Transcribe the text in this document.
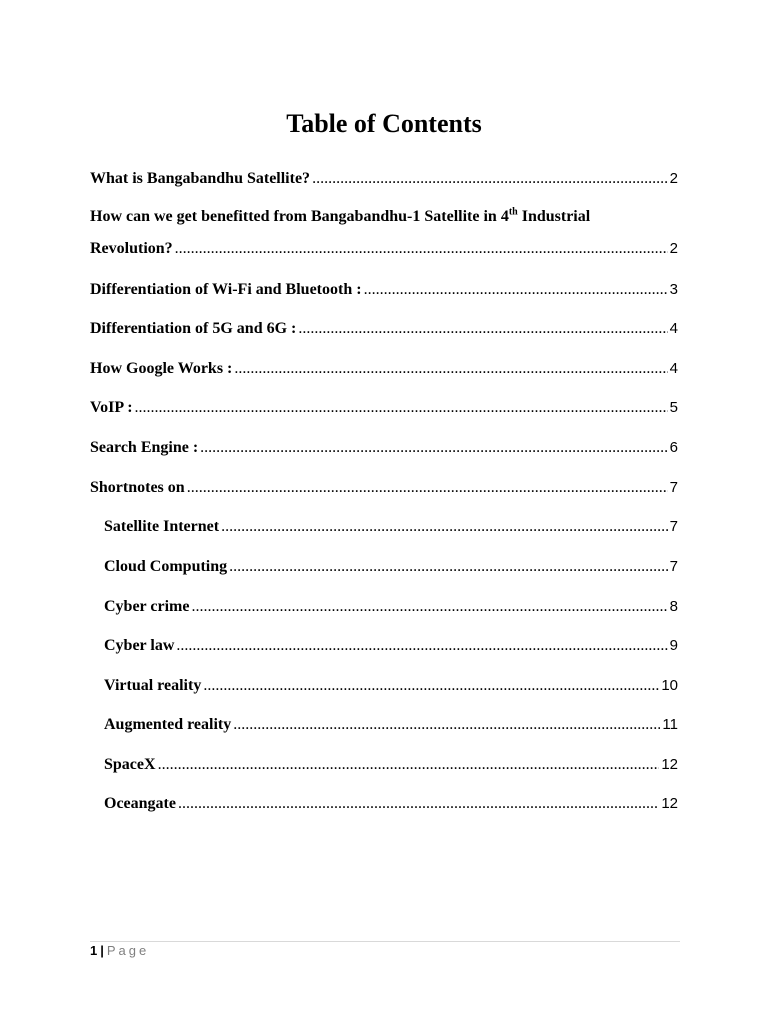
Table of Contents
What is Bangabandhu Satellite? .....	2
How can we get benefitted from Bangabandhu-1 Satellite in 4th Industrial
Revolution? .....	2
Differentiation of Wi-Fi and Bluetooth : .....	3
Differentiation of 5G and 6G : .....	4
How Google Works : .....	4
VoIP : .....	5
Search Engine : .....	6
Shortnotes on .....	7
Satellite Internet .....	7
Cloud Computing .....	7
Cyber crime .....	8
Cyber law .....	9
Virtual reality .....	10
Augmented reality .....	11
SpaceX .....	12
Oceangate .....	12
1 | Page
